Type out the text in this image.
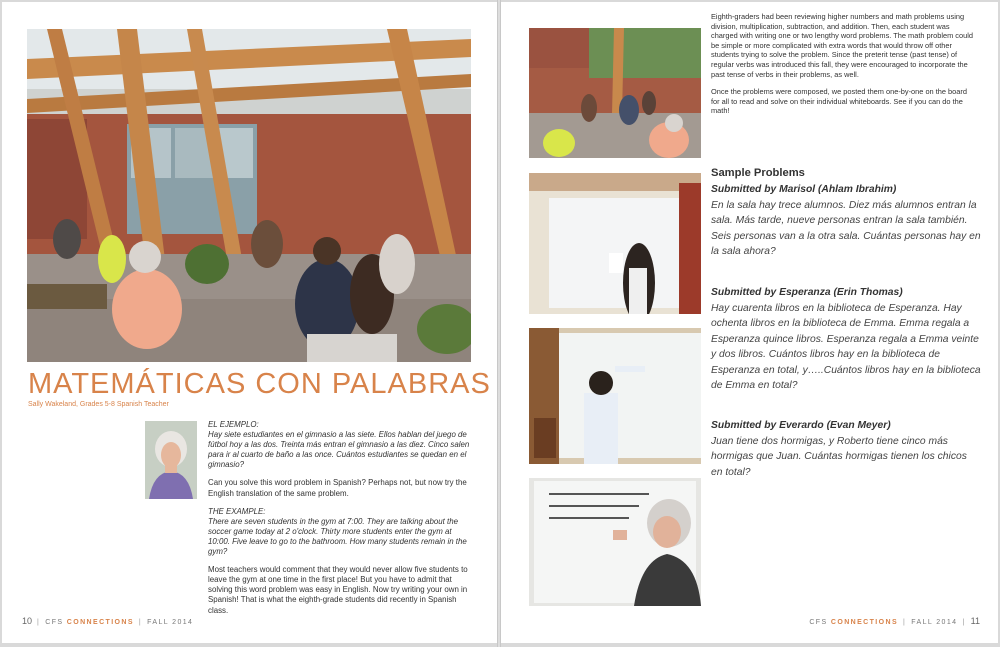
MATEMÁTICAS CON PALABRAS
Sally Wakeland, Grades 5-8 Spanish Teacher

EL EJEMPLO:
Hay siete estudiantes en el gimnasio a las siete. Ellos hablan del juego de fútbol hoy a las dos. Treinta más entran el gimnasio a las diez. Cinco salen para ir al cuarto de baño a las once. Cuántos estudiantes se quedan en el gimnasio?

Can you solve this word problem in Spanish? Perhaps not, but now try the English translation of the same problem.

THE EXAMPLE:
There are seven students in the gym at 7:00. They are talking about the soccer game today at 2 o'clock. Thirty more students enter the gym at 10:00. Five leave to go to the bathroom. How many students remain in the gym?

Most teachers would comment that they would never allow five students to leave the gym at one time in the first place! But you have to admit that solving this word problem was easy in English. Now try writing your own in Spanish! That is what the eighth-grade students did recently in Spanish class.

10 | CFS CONNECTIONS | FALL 2014

Eighth-graders had been reviewing higher numbers and math problems using division, multiplication, subtraction, and addition. Then, each student was charged with writing one or two lengthy word problems. The math problem could be simple or more complicated with extra words that would throw off other students trying to solve the problem. Since the preterit tense (past tense) of regular verbs was introduced this fall, they were encouraged to incorporate the past tense of verbs in their problems, as well.

Once the problems were composed, we posted them one-by-one on the board for all to read and solve on their individual whiteboards. See if you can do the math!

Sample Problems
Submitted by Marisol (Ahlam Ibrahim)
En la sala hay trece alumnos. Diez más alumnos entran la sala. Más tarde, nueve personas entran la sala también. Seis personas van a la otra sala. Cuántas personas hay en la sala ahora?
Submitted by Esperanza (Erin Thomas)
Hay cuarenta libros en la biblioteca de Esperanza. Hay ochenta libros en la biblioteca de Emma. Emma regala a Esperanza quince libros. Esperanza regala a Emma veinte y dos libros. Cuántos libros hay en la biblioteca de Esperanza en total, y…..Cuántos libros hay en la biblioteca de Emma en total?
Submitted by Everardo (Evan Meyer)
Juan tiene dos hormigas, y Roberto tiene cinco más hormigas que Juan. Cuántas hormigas tienen los chicos en total?
CFS CONNECTIONS | FALL 2014 | 11
